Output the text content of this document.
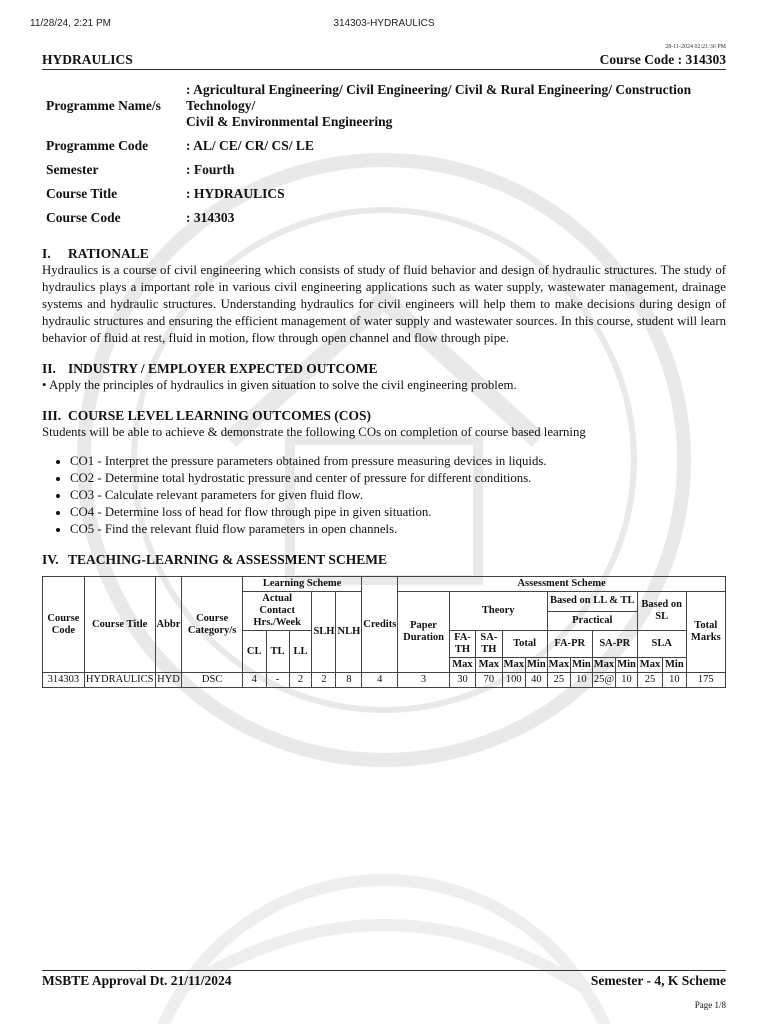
11/28/24, 2:21 PM	314303-HYDRAULICS
28-11-2024 02:21:36 PM
HYDRAULICS	Course Code : 314303
Programme Name/s	: Agricultural Engineering/ Civil Engineering/ Civil & Rural Engineering/ Construction Technology/
Civil & Environmental Engineering

Programme Code	: AL/ CE/ CR/ CS/ LE
Semester	: Fourth
Course Title	: HYDRAULICS
Course Code	: 314303
I. RATIONALE
Hydraulics is a course of civil engineering which consists of study of fluid behavior and design of hydraulic structures. The study of hydraulics plays a important role in various civil engineering applications such as water supply, wastewater management, drainage systems and hydraulic structures. Understanding hydraulics for civil engineers will help them to make decisions during design of hydraulic structures and ensuring the efficient management of water supply and wastewater sources. In this course, student will learn behavior of fluid at rest, fluid in motion, flow through open channel and flow through pipe.
II. INDUSTRY / EMPLOYER EXPECTED OUTCOME
• Apply the principles of hydraulics in given situation to solve the civil engineering problem.
III. COURSE LEVEL LEARNING OUTCOMES (COS)
Students will be able to achieve & demonstrate the following COs on completion of course based learning
• CO1 - Interpret the pressure parameters obtained from pressure measuring devices in liquids.
• CO2 - Determine total hydrostatic pressure and center of pressure for different conditions.
• CO3 - Calculate relevant parameters for given fluid flow.
• CO4 - Determine loss of head for flow through pipe in given situation.
• CO5 - Find the relevant fluid flow parameters in open channels.
IV. TEACHING-LEARNING & ASSESSMENT SCHEME
Course Code	Course Title	Abbr	Course Category/s	Learning Scheme					Credits	Assessment Scheme											
				Actual Contact Hrs./Week			SLH	NLH		Paper Duration	Theory				Based on LL & TL				Based on SL		Total Marks
															Practical						
				CL	TL	LL					FA-TH	SA-TH	Total		FA-PR		SA-PR		SLA		
											Max	Max	Max	Min	Max	Min	Max	Min	Max	Min	
314303	HYDRAULICS	HYD	DSC	4	-	2	2	8	4	3	30	70	100	40	25	10	25@	10	25	10	175
MSBTE Approval Dt. 21/11/2024	Semester - 4, K Scheme
Page 1/8
